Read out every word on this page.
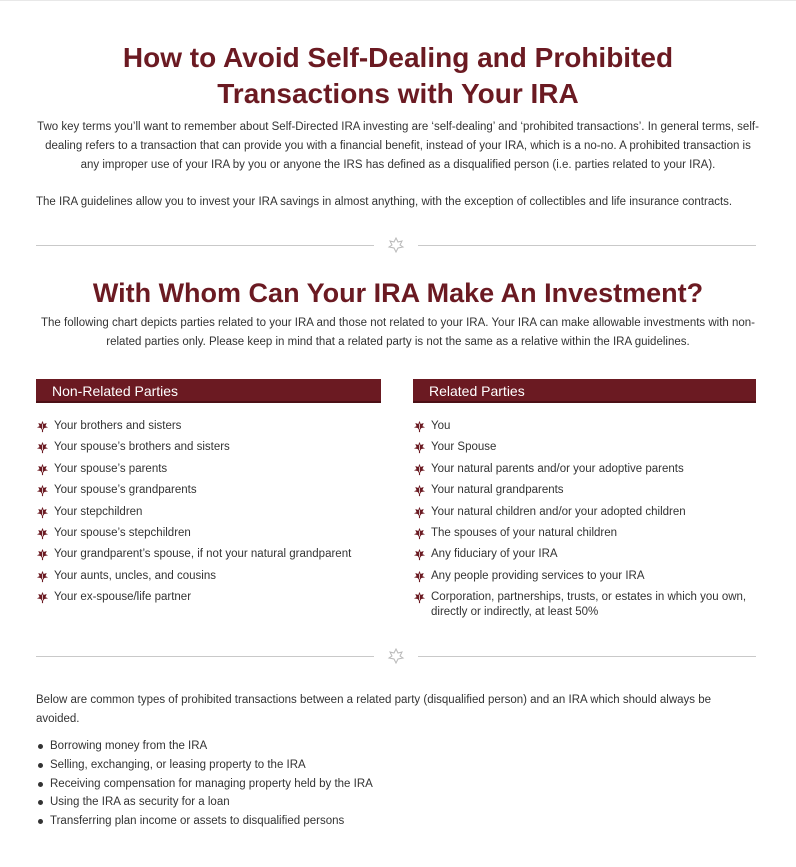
How to Avoid Self-Dealing and Prohibited
Transactions with Your IRA

Two key terms you’ll want to remember about Self-Directed IRA investing are ‘self-dealing’ and ‘prohibited transactions’. In general terms, self-dealing refers to a transaction that can provide you with a financial benefit, instead of your IRA, which is a no-no. A prohibited transaction is any improper use of your IRA by you or anyone the IRS has defined as a disqualified person (i.e. parties related to your IRA).

The IRA guidelines allow you to invest your IRA savings in almost anything, with the exception of collectibles and life insurance contracts.

With Whom Can Your IRA Make An Investment?

The following chart depicts parties related to your IRA and those not related to your IRA. Your IRA can make allowable investments with non-related parties only. Please keep in mind that a related party is not the same as a relative within the IRA guidelines.

Non-Related Parties	Related Parties
Your brothers and sisters
Your spouse’s brothers and sisters
Your spouse’s parents
Your spouse’s grandparents
Your stepchildren
Your spouse’s stepchildren
Your grandparent’s spouse, if not your natural grandparent
Your aunts, uncles, and cousins
Your ex-spouse/life partner
You
Your Spouse
Your natural parents and/or your adoptive parents
Your natural grandparents
Your natural children and/or your adopted children
The spouses of your natural children
Any fiduciary of your IRA
Any people providing services to your IRA
Corporation, partnerships, trusts, or estates in which you own, directly or indirectly, at least 50%

Below are common types of prohibited transactions between a related party (disqualified person) and an IRA which should always be avoided.

Borrowing money from the IRA
Selling, exchanging, or leasing property to the IRA
Receiving compensation for managing property held by the IRA
Using the IRA as security for a loan
Transferring plan income or assets to disqualified persons
